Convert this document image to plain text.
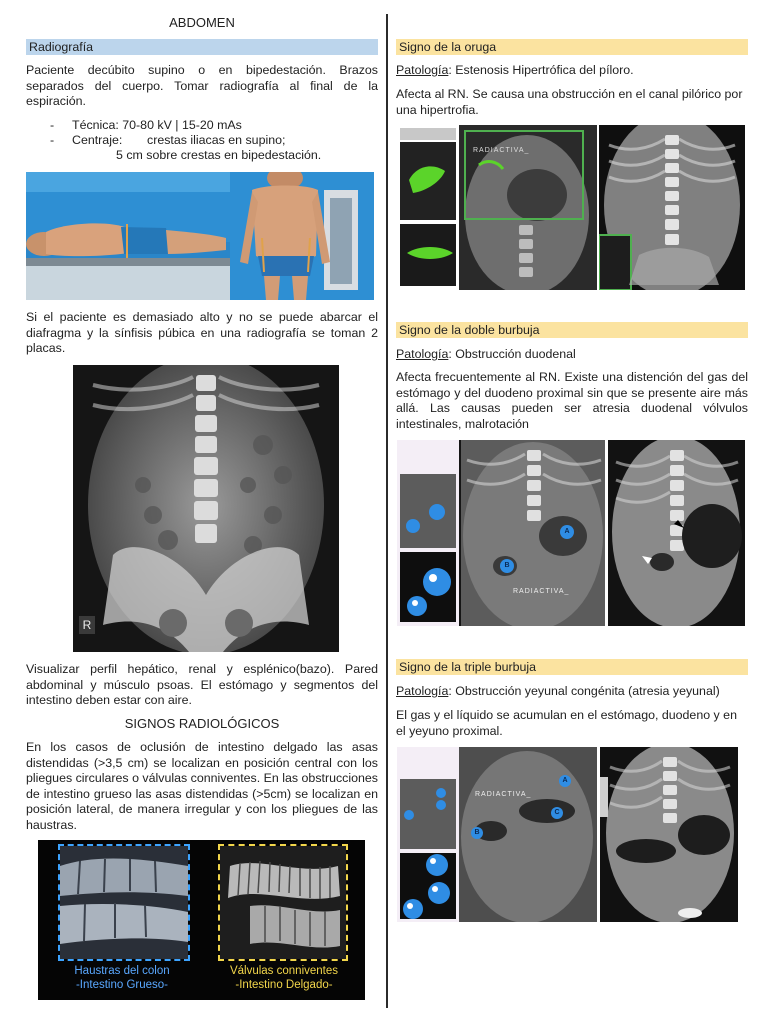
ABDOMEN
Radiografía
Paciente decúbito supino o en bipedestación. Brazos separados del cuerpo. Tomar radiografía al final de la espiración.
- Técnica: 70-80 kV | 15-20 mAs
- Centraje: crestas iliacas en supino;
5 cm sobre crestas en bipedestación.
Si el paciente es demasiado alto y no se puede abarcar el diafragma y la sínfisis púbica en una radiografía se toman 2 placas.
R
Visualizar perfil hepático, renal y esplénico(bazo). Pared abdominal y músculo psoas. El estómago y segmentos del intestino deben estar con aire.
SIGNOS RADIOLÓGICOS
En los casos de oclusión de intestino delgado las asas distendidas (>3,5 cm) se localizan en posición central con los pliegues circulares o válvulas conniventes. En las obstrucciones de intestino grueso las asas distendidas (>5cm) se localizan en posición lateral, de manera irregular y con los pliegues de las haustras.
Haustras del colon
-Intestino Grueso-
Válvulas conniventes
-Intestino Delgado-
Signo de la oruga
Patología: Estenosis Hipertrófica del píloro.
Afecta al RN. Se causa una obstrucción en el canal pilórico por una hipertrofia.
RADIACTIVA_
Signo de la doble burbuja
Patología: Obstrucción duodenal
Afecta frecuentemente al RN. Existe una distención del gas del estómago y del duodeno proximal sin que se presente aire más allá. Las causas pueden ser atresia duodenal vólvulos intestinales, malrotación
A
B
RADIACTIVA_
Signo de la triple burbuja
Patología: Obstrucción yeyunal congénita (atresia yeyunal)
El gas y el líquido se acumulan en el estómago, duodeno y en el yeyuno proximal.
A
C
B
RADIACTIVA_
